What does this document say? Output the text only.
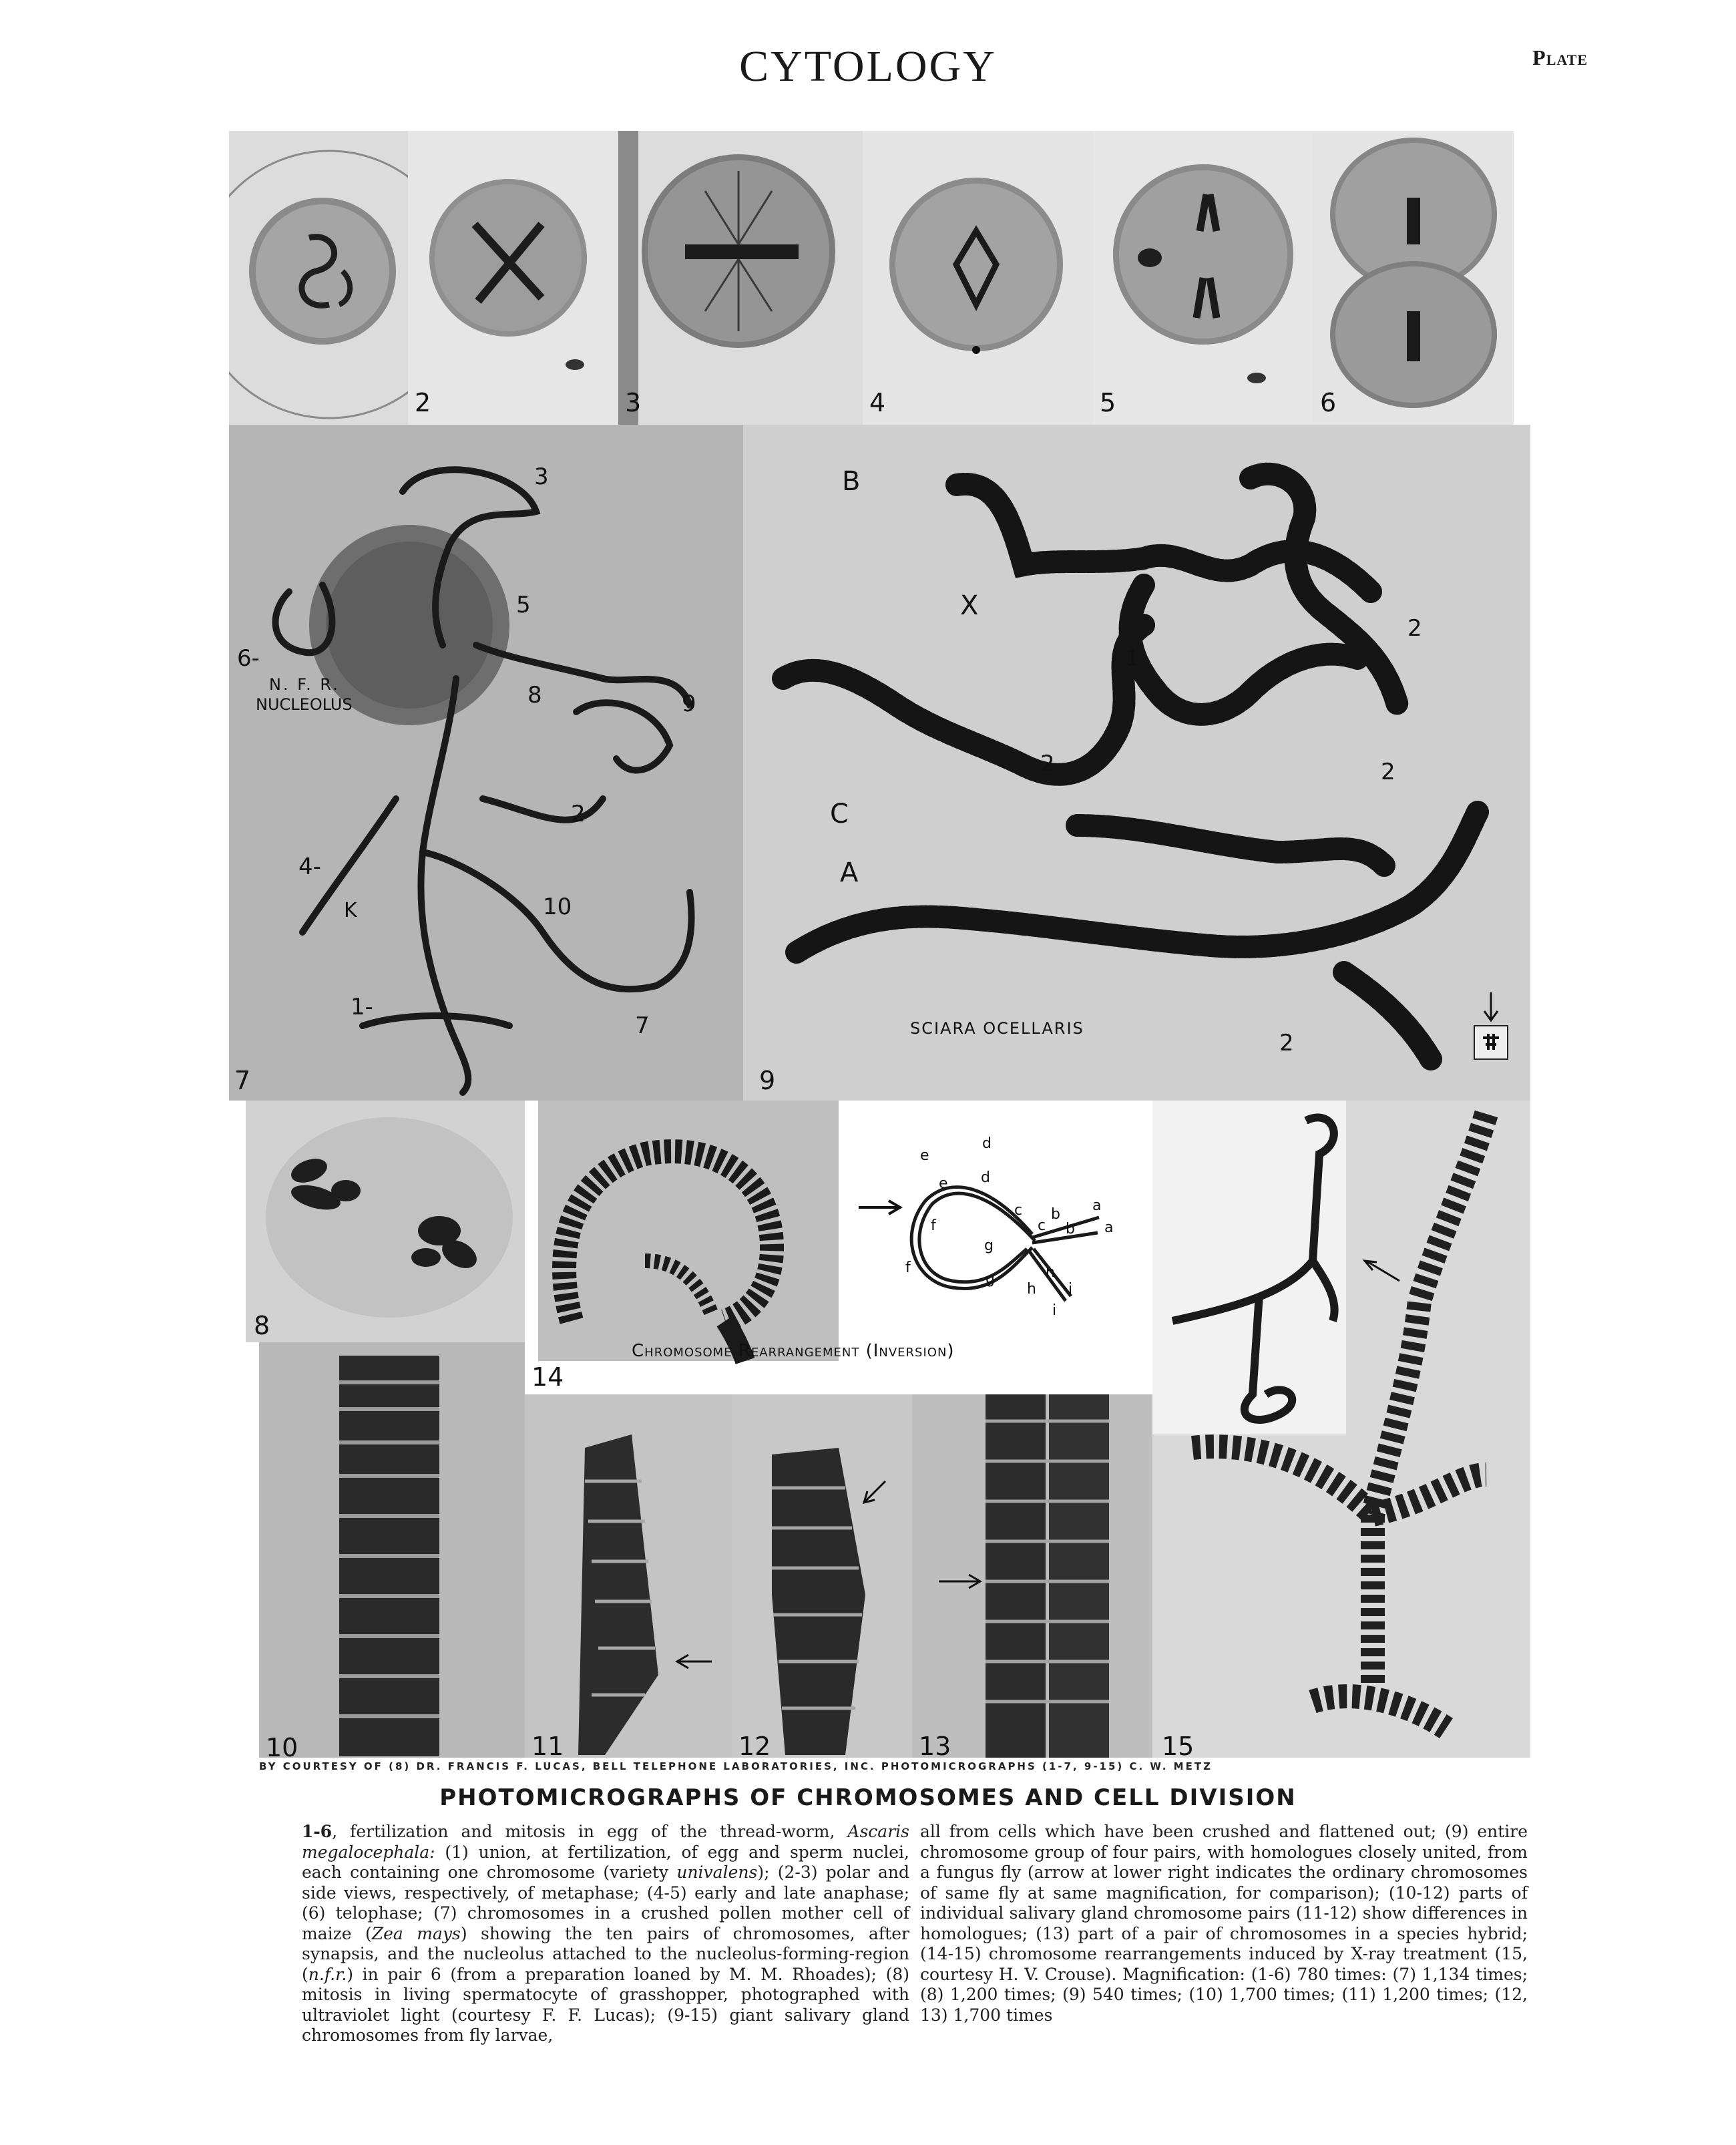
CYTOLOGY	Plate
2	3	4	5	6
3
5
6-
N. F. R.
NUCLEOLUS	8	9
2
4-
K	10
1-
7
7
B
X
1
2
2
C
2
A
2
SCIARA OCELLARIS
9
8
d
e
d
e
c b
a
c b a
f
f
g
g	h
h i
i
Chromosome Rearrangement (Inversion)
14
10	11	12	13	15
BY COURTESY OF (8) DR. FRANCIS F. LUCAS, BELL TELEPHONE LABORATORIES, INC. PHOTOMICROGRAPHS (1-7, 9-15) C. W. METZ
PHOTOMICROGRAPHS OF CHROMOSOMES AND CELL DIVISION
1-6, fertilization and mitosis in egg of the thread-worm, Ascaris megalocephala: (1) union, at fertilization, of egg and sperm nuclei, each containing one chromosome (variety univalens); (2-3) polar and side views, respectively, of metaphase; (4-5) early and late anaphase; (6) telophase; (7) chromosomes in a crushed pollen mother cell of maize (Zea mays) showing the ten pairs of chromosomes, after synapsis, and the nucleolus attached to the nucleolus-forming-region (n.f.r.) in pair 6 (from a preparation loaned by M. M. Rhoades); (8) mitosis in living spermatocyte of grasshopper, photographed with ultraviolet light (courtesy F. F. Lucas); (9-15) giant salivary gland chromosomes from fly larvae,
all from cells which have been crushed and flattened out; (9) entire chromosome group of four pairs, with homologues closely united, from a fungus fly (arrow at lower right indicates the ordinary chromosomes of same fly at same magnification, for comparison); (10-12) parts of individual salivary gland chromosome pairs (11-12) show differences in homologues; (13) part of a pair of chromosomes in a species hybrid; (14-15) chromosome rearrangements induced by X-ray treatment (15, courtesy H. V. Crouse). Magnification: (1-6) 780 times: (7) 1,134 times; (8) 1,200 times; (9) 540 times; (10) 1,700 times; (11) 1,200 times; (12, 13) 1,700 times
